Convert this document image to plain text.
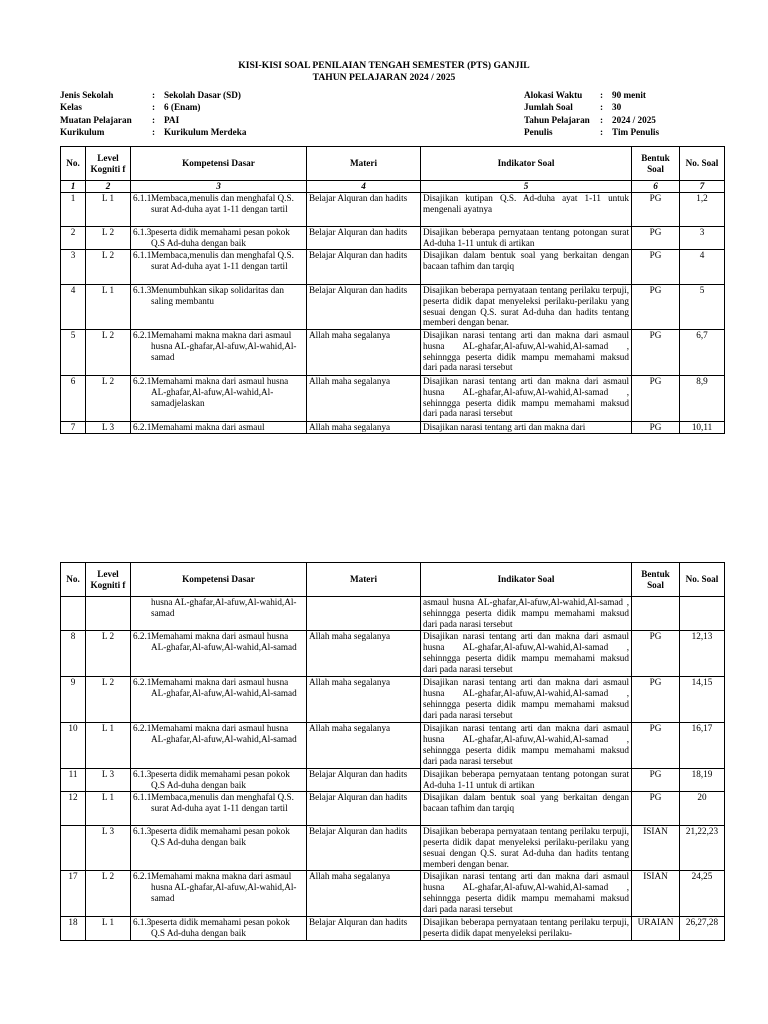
KISI-KISI SOAL PENILAIAN TENGAH SEMESTER (PTS) GANJIL
TAHUN PELAJARAN 2024 / 2025
Jenis Sekolah	: Sekolah Dasar (SD)
Kelas	: 6 (Enam)
Muatan Pelajaran	: PAI
Kurikulum	: Kurikulum Merdeka
Alokasi Waktu	: 90 menit
Jumlah Soal	: 30
Tahun Pelajaran	: 2024 / 2025
Penulis	: Tim Penulis
No.	Level Kogniti f	Kompetensi Dasar	Materi	Indikator Soal	Bentuk Soal	No. Soal
1	2	3	4	5	6	7
1	L 1	6.1.1 Membaca,menulis dan menghafal Q.S. surat Ad-duha ayat 1-11 dengan tartil	Belajar Alquran dan hadits	Disajikan kutipan Q.S. Ad-duha ayat 1-11 untuk mengenali ayatnya	PG	1,2
2	L 2	6.1.3 peserta didik memahami pesan pokok Q.S Ad-duha dengan baik	Belajar Alquran dan hadits	Disajikan beberapa pernyataan tentang potongan surat Ad-duha 1-11 untuk di artikan	PG	3
3	L 2	6.1.1 Membaca,menulis dan menghafal Q.S. surat Ad-duha ayat 1-11 dengan tartil	Belajar Alquran dan hadits	Disajikan dalam bentuk soal yang berkaitan dengan bacaan tafhim dan tarqiq	PG	4
4	L 1	6.1.3 Menumbuhkan sikap solidaritas dan saling membantu	Belajar Alquran dan hadits	Disajikan beberapa pernyataan tentang perilaku terpuji, peserta didik dapat menyeleksi perilaku-perilaku yang sesuai dengan Q.S. surat Ad-duha dan hadits tentang memberi dengan benar.	PG	5
5	L 2	6.2.1 Memahami makna makna dari asmaul husna AL-ghafar,Al-afuw,Al-wahid,Al-samad	Allah maha segalanya	Disajikan narasi tentang arti dan makna dari asmaul husna AL-ghafar,Al-afuw,Al-wahid,Al-samad , sehinngga peserta didik mampu memahami maksud dari pada narasi tersebut	PG	6,7
6	L 2	6.2.1 Memahami makna dari asmaul husna AL-ghafar,Al-afuw,Al-wahid,Al-samadjelaskan	Allah maha segalanya	Disajikan narasi tentang arti dan makna dari asmaul husna AL-ghafar,Al-afuw,Al-wahid,Al-samad , sehinngga peserta didik mampu memahami maksud dari pada narasi tersebut	PG	8,9
7	L 3	6.2.1 Memahami makna dari asmaul	Allah maha segalanya	Disajikan narasi tentang arti dan makna dari	PG	10,11
No.	Level Kogniti f	Kompetensi Dasar	Materi	Indikator Soal	Bentuk Soal	No. Soal

		husna AL-ghafar,Al-afuw,Al-wahid,Al-samad		asmaul husna AL-ghafar,Al-afuw,Al-wahid,Al-samad , sehinngga peserta didik mampu memahami maksud dari pada narasi tersebut		
8	L 2	6.2.1 Memahami makna dari asmaul husna AL-ghafar,Al-afuw,Al-wahid,Al-samad	Allah maha segalanya	Disajikan narasi tentang arti dan makna dari asmaul husna AL-ghafar,Al-afuw,Al-wahid,Al-samad , sehinngga peserta didik mampu memahami maksud dari pada narasi tersebut	PG	12,13
9	L 2	6.2.1 Memahami makna dari asmaul husna AL-ghafar,Al-afuw,Al-wahid,Al-samad	Allah maha segalanya	Disajikan narasi tentang arti dan makna dari asmaul husna AL-ghafar,Al-afuw,Al-wahid,Al-samad , sehinngga peserta didik mampu memahami maksud dari pada narasi tersebut	PG	14,15
10	L 1	6.2.1 Memahami makna dari asmaul husna AL-ghafar,Al-afuw,Al-wahid,Al-samad	Allah maha segalanya	Disajikan narasi tentang arti dan makna dari asmaul husna AL-ghafar,Al-afuw,Al-wahid,Al-samad , sehinngga peserta didik mampu memahami maksud dari pada narasi tersebut	PG	16,17
11	L 3	6.1.3 peserta didik memahami pesan pokok Q.S Ad-duha dengan baik	Belajar Alquran dan hadits	Disajikan beberapa pernyataan tentang potongan surat Ad-duha 1-11 untuk di artikan	PG	18,19
12	L 1	6.1.1 Membaca,menulis dan menghafal Q.S. surat Ad-duha ayat 1-11 dengan tartil	Belajar Alquran dan hadits	Disajikan dalam bentuk soal yang berkaitan dengan bacaan tafhim dan tarqiq	PG	20
	L 3	6.1.3 peserta didik memahami pesan pokok Q.S Ad-duha dengan baik	Belajar Alquran dan hadits	Disajikan beberapa pernyataan tentang perilaku terpuji, peserta didik dapat menyeleksi perilaku-perilaku yang sesuai dengan Q.S. surat Ad-duha dan hadits tentang memberi dengan benar.	ISIAN	21,22,23
17	L 2	6.2.1 Memahami makna makna dari asmaul husna AL-ghafar,Al-afuw,Al-wahid,Al-samad	Allah maha segalanya	Disajikan narasi tentang arti dan makna dari asmaul husna AL-ghafar,Al-afuw,Al-wahid,Al-samad , sehinngga peserta didik mampu memahami maksud dari pada narasi tersebut	ISIAN	24,25
18	L 1	6.1.3 peserta didik memahami pesan pokok Q.S Ad-duha dengan baik	Belajar Alquran dan hadits	Disajikan beberapa pernyataan tentang perilaku terpuji, peserta didik dapat menyeleksi perilaku-	URAIAN	26,27,28
